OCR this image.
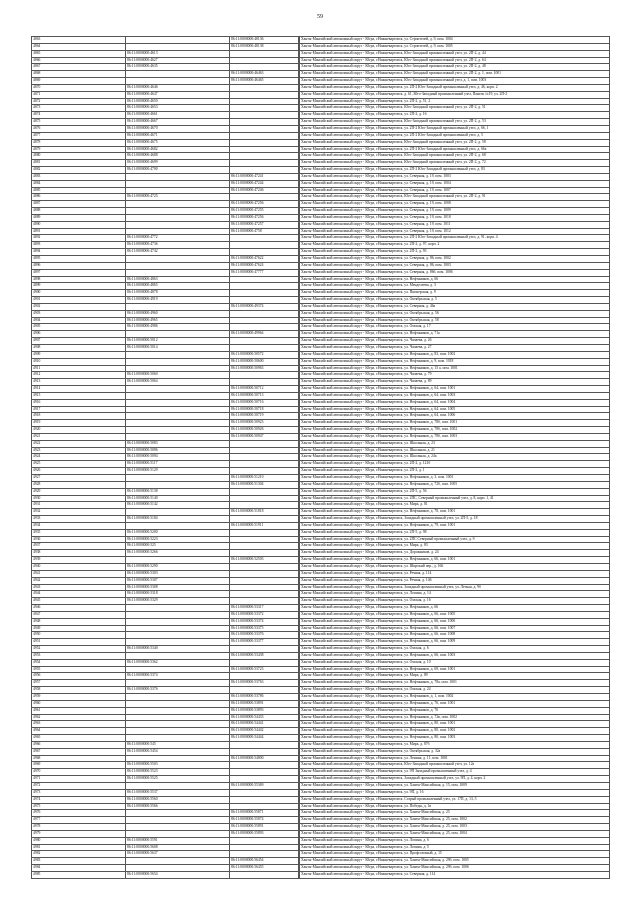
59
4863		86:11:0000000:48136		Ханты-Мансийский автономный округ - Югра, г.Нижневартовск, ул. Строителей, д. 9, пом. 1004
4864		86:11:0000000:48138		Ханты-Мансийский автономный округ - Югра, г.Нижневартовск, ул. Строителей, д. 9, пом. 1005
4865	86:11:0000000:4613			Ханты-Мансийский автономный округ - Югра, г.Нижневартовск, Юго-Западный промышленный узел, ул. 2П-2, д. 44
4866	86:11:0000000:4627			Ханты-Мансийский автономный округ - Югра, г.Нижневартовск, Юго-Западный промышленный узел, ул. 2П-2, д. 64
4867	86:11:0000000:4635			Ханты-Мансийский автономный округ - Югра, г.Нижневартовск, Юго-Западный промышленный узел, ул. 2П-2, д. 48
4868		86:11:0000000:46463		Ханты-Мансийский автономный округ - Югра, г.Нижневартовск, Юго-Западный промышленный узел, ул. 2П-2, д. 1, пом. 1001
4869		86:11:0000000:46465		Ханты-Мансийский автономный округ - Югра, г.Нижневартовск, Юго-Западный промышленный узел, д. 1, пом. 1003
4870	86:11:0000000:4646			Ханты-Мансийский автономный округ - Югра, г.Нижневартовск, ул. 2П-2 Юго-Западный промышленный узел, д. 46, корп. 2
4871	86:11:0000000:4647			Ханты-Мансийский автономный округ - Югра, г.Нижневартовск, д. 61, Юго-Западный промышленный узел, Панель №19, ул. 2П-2
4872	86:11:0000000:4650			Ханты-Мансийский автономный округ - Югра, г.Нижневартовск, ул. 2П-2, д. 51, 2
4873	86:11:0000000:4653			Ханты-Мансийский автономный округ - Югра, г.Нижневартовск, Юго-Западный промышленный узел, ул. 2П-2, д. 51
4874	86:11:0000000:4661			Ханты-Мансийский автономный округ - Югра, г.Нижневартовск, ул. 2П-2, д. 16
4875	86:11:0000000:4667			Ханты-Мансийский автономный округ - Югра, г.Нижневартовск, Юго-Западный промышленный узел, ул. 2П-2, д. 53
4876	86:11:0000000:4670			Ханты-Мансийский автономный округ - Югра, г.Нижневартовск, ул. 2П-2 Юго-Западный промышленный узел, д. 66, 1
4877	86:11:0000000:4671			Ханты-Мансийский автономный округ - Югра, г.Нижневартовск, ул. 2П-2 Юго-Западный промышленный узел, д. 5
4878	86:11:0000000:4675			Ханты-Мансийский автономный округ - Югра, г.Нижневартовск, Юго-Западный промышленный узел, ул. 2П-2, д. 58
4879	86:11:0000000:4682			Ханты-Мансийский автономный округ - Югра, г.Нижневартовск, ул. 2П-2 Юго-Западный промышленный узел, д. 66а
4880	86:11:0000000:4688			Ханты-Мансийский автономный округ - Югра, г.Нижневартовск, Юго-Западный промышленный узел, ул. 2П-2, д. 68
4881	86:11:0000000:4699			Ханты-Мансийский автономный округ - Югра, г.Нижневартовск, Юго-Западный промышленный узел, ул. 2П-2, д. 72
4882	86:11:0000000:4700			Ханты-Мансийский автономный округ - Югра, г.Нижневартовск, ул. 2П-2 Юго-Западный промышленный узел, д. 83
4883		86:11:0000000:47241		Ханты-Мансийский автономный округ - Югра, г.Нижневартовск, ул. Северная, д. 19, пом. 1003
4884		86:11:0000000:47244		Ханты-Мансийский автономный округ - Югра, г.Нижневартовск, ул. Северная, д. 19, пом. 1004
4885		86:11:0000000:47246		Ханты-Мансийский автономный округ - Югра, г.Нижневартовск, ул. Северная, д. 19, пом. 1007
4886	86:11:0000000:4725			Ханты-Мансийский автономный округ - Югра, г.Нижневартовск, Юго-Западный промышленный узел, ул. 2П-2, д. 91
4887		86:11:0000000:47256		Ханты-Мансийский автономный округ - Югра, г.Нижневартовск, ул. Северная, д. 19, пом. 1008
4888		86:11:0000000:47255		Ханты-Мансийский автономный округ - Югра, г.Нижневартовск, ул. Северная, д. 19, пом. 1009
4889		86:11:0000000:47256		Ханты-Мансийский автономный округ - Югра, г.Нижневартовск, ул. Северная, д. 19, пом. 1010
4890		86:11:0000000:47257		Ханты-Мансийский автономный округ - Югра, г.Нижневартовск, ул. Северная, д. 19, пом. 1011
4891		86:11:0000000:4758		Ханты-Мансийский автономный округ - Югра, г.Нижневартовск, ул. Северная, д. 19, пом. 1012
4892	86:11:0000000:4772			Ханты-Мансийский автономный округ - Югра, г.Нижневартовск, ул. 2П-2 Юго-Западный промышленный узел, д. 91, корп. 4
4893	86:11:0000000:4736			Ханты-Мансийский автономный округ - Югра, г.Нижневартовск, ул. 2П-2, д. 97, корп. 2
4894	86:11:0000000:4742			Ханты-Мансийский автономный округ - Югра, г.Нижневартовск, ул. 2П-2, д. 93
4895		86:11:0000000:47622		Ханты-Мансийский автономный округ - Югра, г.Нижневартовск, ул. Северная, д. 86, пом. 1002
4896		86:11:0000000:47624		Ханты-Мансийский автономный округ - Югра, г.Нижневартовск, ул. Северная, д. 86, пом. 1003
4897		86:11:0000000:47777		Ханты-Мансийский автономный округ - Югра, г.Нижневартовск, ул. Северная, д. 86б, пом. 1006
4898	86:11:0000000:4863			Ханты-Мансийский автономный округ - Югра, г.Нижневартовск, ул. Нефтяников, д. 66
4899	86:11:0000000:4865			Ханты-Мансийский автономный округ - Югра, г.Нижневартовск, ул. Менделеева, д. 3
4900	86:11:0000000:4878			Ханты-Мансийский автономный округ - Югра, г.Нижневартовск, ул. Пионерская, д. 9
4901	86:11:0000000:4919			Ханты-Мансийский автономный округ - Югра, г.Нижневартовск, ул. Октябрьская, д. 5
4902		86:11:0000000:49374		Ханты-Мансийский автономный округ - Югра, г.Нижневартовск, ул. Северная, д. 46а
4903	86:11:0000000:4960			Ханты-Мансийский автономный округ - Югра, г.Нижневартовск, ул. Октябрьская, д. 56
4904	86:11:0000000:4965			Ханты-Мансийский автономный округ - Югра, г.Нижневартовск, ул. Октябрьская, д. 58
4905	86:11:0000000:4986			Ханты-Мансийский автономный округ - Югра, г.Нижневартовск, ул. Омская, д. 17
4906		86:11:0000000:49964		Ханты-Мансийский автономный округ - Югра, г.Нижневартовск, ул. Нефтяников, д. 71а
4907	86:11:0000000:5012			Ханты-Мансийский автономный округ - Югра, г.Нижневартовск, ул. Чапаева, д. 26
4908	86:11:0000000:5014			Ханты-Мансийский автономный округ - Югра, г.Нижневартовск, ул. Чапаева, д. 27
4909		86:11:0000000:50572		Ханты-Мансийский автономный округ - Югра, г.Нижневартовск, ул. Нефтяников, д. 83, пом. 1002
4910		86:11:0000000:50600		Ханты-Мансийский автономный округ - Югра, г.Нижневартовск, ул. Нефтяников, д. 9, пом. 1018
4911		86:11:0000000:50963		Ханты-Мансийский автономный округ - Югра, г.Нижневартовск, ул. Нефтяников, д. 15 а, пом. 1001
4912	86:11:0000000:5060			Ханты-Мансийский автономный округ - Югра, г.Нижневартовск, ул. Чапаева, д. 79
4913	86:11:0000000:5064			Ханты-Мансийский автономный округ - Югра, г.Нижневартовск, ул. Чапаева, д. 89
4914		86:11:0000000:50712		Ханты-Мансийский автономный округ - Югра, г.Нижневартовск, ул. Нефтяников, д. 64, пом. 1001
4915		86:11:0000000:50713		Ханты-Мансийский автономный округ - Югра, г.Нижневартовск, ул. Нефтяников, д. 64, пом. 1003
4916		86:11:0000000:50716		Ханты-Мансийский автономный округ - Югра, г.Нижневартовск, ул. Нефтяников, д. 64, пом. 1004
4917		86:11:0000000:50718		Ханты-Мансийский автономный округ - Югра, г.Нижневартовск, ул. Нефтяников, д. 64, пом. 1005
4918		86:11:0000000:50719		Ханты-Мансийский автономный округ - Югра, г.Нижневартовск, ул. Нефтяников, д. 64, пом. 1006
4919		86:11:0000000:50923		Ханты-Мансийский автономный округ - Югра, г.Нижневартовск, ул. Нефтяников, д. 78б, пом. 1001
4920		86:11:0000000:50926		Ханты-Мансийский автономный округ - Югра, г.Нижневартовск, ул. Нефтяников, д. 78б, пом. 1002
4921		86:11:0000000:50947		Ханты-Мансийский автономный округ - Югра, г.Нижневартовск, ул. Нефтяников, д. 78б, пом. 1003
4922	86:11:0000000:5083			Ханты-Мансийский автономный округ - Югра, г.Нижневартовск, ул. Школьная, д. 23
4923	86:11:0000000:5086			Ханты-Мансийский автономный округ - Югра, г.Нижневартовск, ул. Школьная, д. 21
4924	86:11:0000000:5094			Ханты-Мансийский автономный округ - Югра, г.Нижневартовск, ул. Школьная, д. 24а
4925	86:11:0000000:5117			Ханты-Мансийский автономный округ - Югра, г.Нижневартовск, ул. 2П-2, д. 121б
4926	86:11:0000000:5129			Ханты-Мансийский автономный округ - Югра, г.Нижневартовск, ул. 2П-2, д. 1
4927		86:11:0000000:51210		Ханты-Мансийский автономный округ - Югра, г.Нижневартовск, ул. Нефтяников, д. 3, пом. 1001
4928		86:11:0000000:51304		Ханты-Мансийский автономный округ - Югра, г.Нижневартовск, ул. Нефтяников, д. 72б, пом. 1005
4929	86:11:0000000:5138			Ханты-Мансийский автономный округ - Югра, г.Нижневартовск, ул. 2П-5, д. 56
4930	86:11:0000000:5140			Ханты-Мансийский автономный округ - Югра, г.Нижневартовск, ул. 2ПС, Северный промышленный узел, д. 8, корп. 1, 41
4931	86:11:0000000:5142			Ханты-Мансийский автономный округ - Югра, г.Нижневартовск, ул. Мира, д. 81
4932		86:11:0000000:51818		Ханты-Мансийский автономный округ - Югра, г.Нижневартовск, ул. Нефтяников, д. 78, пом. 1001
4933	86:11:0000000:5184			Ханты-Мансийский автономный округ - Югра, г.Нижневартовск, Западный промышленный узел, ул. 2П-5, д. 18
4934		86:11:0000000:51911		Ханты-Мансийский автономный округ - Югра, г.Нижневартовск, ул. Нефтяников, д. 79, пом. 1001
4935	86:11:0000000:5200			Ханты-Мансийский автономный округ - Югра, г.Нижневартовск, ул. 2П-5, д. 98
4936	86:11:0000000:5223			Ханты-Мансийский автономный округ - Югра, г.Нижневартовск, ул. 2ПС Северный промышленный узел, д. 9
4937	86:11:0000000:525			Ханты-Мансийский автономный округ - Югра, г.Нижневартовск, ул. Мира, д. 83
4938	86:11:0000000:5266			Ханты-Мансийский автономный округ - Югра, г.Нижневартовск, ул. Дорожников, д. 24
4939		86:11:0000000:52503		Ханты-Мансийский автономный округ - Югра, г.Нижневартовск, ул. Нефтяников, д. 66, пом. 1001
4940	86:11:0000000:5290			Ханты-Мансийский автономный округ - Югра, г.Нижневартовск, ул. Широкий пер., д. 166
4941	86:11:0000000:5303			Ханты-Мансийский автономный округ - Югра, г.Нижневартовск, ул. Речная, д. 114
4942	86:11:0000000:5307			Ханты-Мансийский автономный округ - Югра, г.Нижневартовск, ул. Речная, д. 146
4943	86:11:0000000:5308			Ханты-Мансийский автономный округ - Югра, г.Нижневартовск, Западный промышленный узел, ул. Летная, д. 9б
4944	86:11:0000000:5318			Ханты-Мансийский автономный округ - Югра, г.Нижневартовск, ул. Лопина, д. 14
4945	86:11:0000000:5329			Ханты-Мансийский автономный округ - Югра, г.Нижневартовск, ул. Омская, д. 16
4946		86:11:0000000:53317		Ханты-Мансийский автономный округ - Югра, г.Нижневартовск, ул. Нефтяников, д. 66
4947		86:11:0000000:53372		Ханты-Мансийский автономный округ - Югра, г.Нижневартовск, ул. Нефтяников, д. 66, пом. 1005
4948		86:11:0000000:53374		Ханты-Мансийский автономный округ - Югра, г.Нижневартовск, ул. Нефтяников, д. 66, пом. 1006
4949		86:11:0000000:53375		Ханты-Мансийский автономный округ - Югра, г.Нижневартовск, ул. Нефтяников, д. 66, пом. 1007
4950		86:11:0000000:53376		Ханты-Мансийский автономный округ - Югра, г.Нижневартовск, ул. Нефтяников, д. 66, пом. 1008
4951		86:11:0000000:53377		Ханты-Мансийский автономный округ - Югра, г.Нижневартовск, ул. Нефтяников, д. 66, пом. 1009
4952	86:11:0000000:5340			Ханты-Мансийский автономный округ - Югра, г.Нижневартовск, ул. Омская, д. 6
4953		86:11:0000000:53438		Ханты-Мансийский автономный округ - Югра, г.Нижневартовск, ул. Нефтяников, д. 66, пом. 1003
4954	86:11:0000000:5362			Ханты-Мансийский автономный округ - Югра, г.Нижневартовск, ул. Омская, д. 10
4955		86:11:0000000:53723		Ханты-Мансийский автономный округ - Югра, г.Нижневартовск, ул. Нефтяников, д. 69, пом. 1001
4956	86:11:0000000:5374			Ханты-Мансийский автономный округ - Югра, г.Нижневартовск, ул. Мира, д. 89
4957		86:11:0000000:53763		Ханты-Мансийский автономный округ - Югра, г.Нижневартовск, ул. Нефтяников, д. 78а, пом. 1001
4958	86:11:0000000:5376			Ханты-Мансийский автономный округ - Югра, г.Нижневартовск, ул. Омская, д. 24
4959		86:11:0000000:53786		Ханты-Мансийский автономный округ - Югра, г.Нижневартовск, ул. Нефтяников, д. 1, пом. 1002
4960		86:11:0000000:53891		Ханты-Мансийский автономный округ - Югра, г.Нижневартовск, ул. Нефтяников, д. 76, пом. 1001
4961		86:11:0000000:53893		Ханты-Мансийский автономный округ - Югра, г.Нижневартовск, ул. Нефтяников, д. 76
4962		86:11:0000000:54433		Ханты-Мансийский автономный округ - Югра, г.Нижневартовск, ул. Нефтяников, д. 72в, пом. 1002
4963		86:11:0000000:54441		Ханты-Мансийский автономный округ - Югра, г.Нижневартовск, ул. Нефтяников, д. 80, пом. 1001
4964		86:11:0000000:54442		Ханты-Мансийский автономный округ - Югра, г.Нижневартовск, ул. Нефтяников, д. 80, пом. 1002
4965		86:11:0000000:54444		Ханты-Мансийский автономный округ - Югра, г.Нижневартовск, ул. Нефтяников, д. 80, пом. 1003
4966	86:11:0000000:545			Ханты-Мансийский автономный округ - Югра, г.Нижневартовск, ул. Мира, д. 87б
4967	86:11:0000000:5454			Ханты-Мансийский автономный округ - Югра, г.Нижневартовск, ул. Октябрьская, д. 32а
4968		86:11:0000000:54800		Ханты-Мансийский автономный округ - Югра, г.Нижневартовск, ул. Ленина, д. 11, пом. 1001
4969	86:11:0000000:5503			Ханты-Мансийский автономный округ - Югра, г.Нижневартовск, Юго-Западный промышленный узел, ул. 12а
4970	86:11:0000000:5523			Ханты-Мансийский автономный округ - Югра, г.Нижневартовск, ул. 9П Западный промышленный узел, д. 4
4971	86:11:0000000:5525			Ханты-Мансийский автономный округ - Югра, г.Нижневартовск, Западный промышленный узел, ул. 9П, д. 4, корп. 2
4972		86:11:0000000:55369		Ханты-Мансийский автономный округ - Югра, г.Нижневартовск, ул. Ханты-Мансийская, д. 15, пом. 1009
4973	86:11:0000000:5537			Ханты-Мансийский автономный округ - Югра, г.Нижневартовск, ул. 9П, д. 16
4974	86:11:0000000:5560			Ханты-Мансийский автономный округ - Югра, г.Нижневартовск, Старый промышленный узел, ул. 17П, д. 13, 5
4975	86:11:0000000:5566			Ханты-Мансийский автономный округ - Югра, г.Нижневартовск, ул. Победы, д. 1в
4976		86:11:0000000:55871		Ханты-Мансийский автономный округ - Югра, г.Нижневартовск, ул. Ханты-Мансийская, д. 25
4977		86:11:0000000:55874		Ханты-Мансийский автономный округ - Югра, г.Нижневартовск, ул. Ханты-Мансийская, д. 25, пом. 1002
4978		86:11:0000000:55891		Ханты-Мансийский автономный округ - Югра, г.Нижневартовск, ул. Ханты-Мансийская, д. 25, пом. 1003
4979		86:11:0000000:55893		Ханты-Мансийский автономный округ - Югра, г.Нижневартовск, ул. Ханты-Мансийская, д. 25, пом. 1004
4980	86:11:0000000:5591			Ханты-Мансийский автономный округ - Югра, г.Нижневартовск, ул. Лопина, д. 6
4981	86:11:0000000:5608			Ханты-Мансийский автономный округ - Югра, г.Нижневартовск, ул. Лопина, д. 5
4982	86:11:0000000:5637			Ханты-Мансийский автономный округ - Югра, г.Нижневартовск, ул. Профсоюзный, д. 15
4983		86:11:0000000:56454		Ханты-Мансийский автономный округ - Югра, г.Нижневартовск, ул. Ханты-Мансийская, д. 29б, пом. 1005
4984		86:11:0000000:56455		Ханты-Мансийский автономный округ - Югра, г.Нижневартовск, ул. Ханты-Мансийская, д. 29б, пом. 1006
4985	86:11:0000000:5654			Ханты-Мансийский автономный округ - Югра, г.Нижневартовск, ул. Северная, д. 114
